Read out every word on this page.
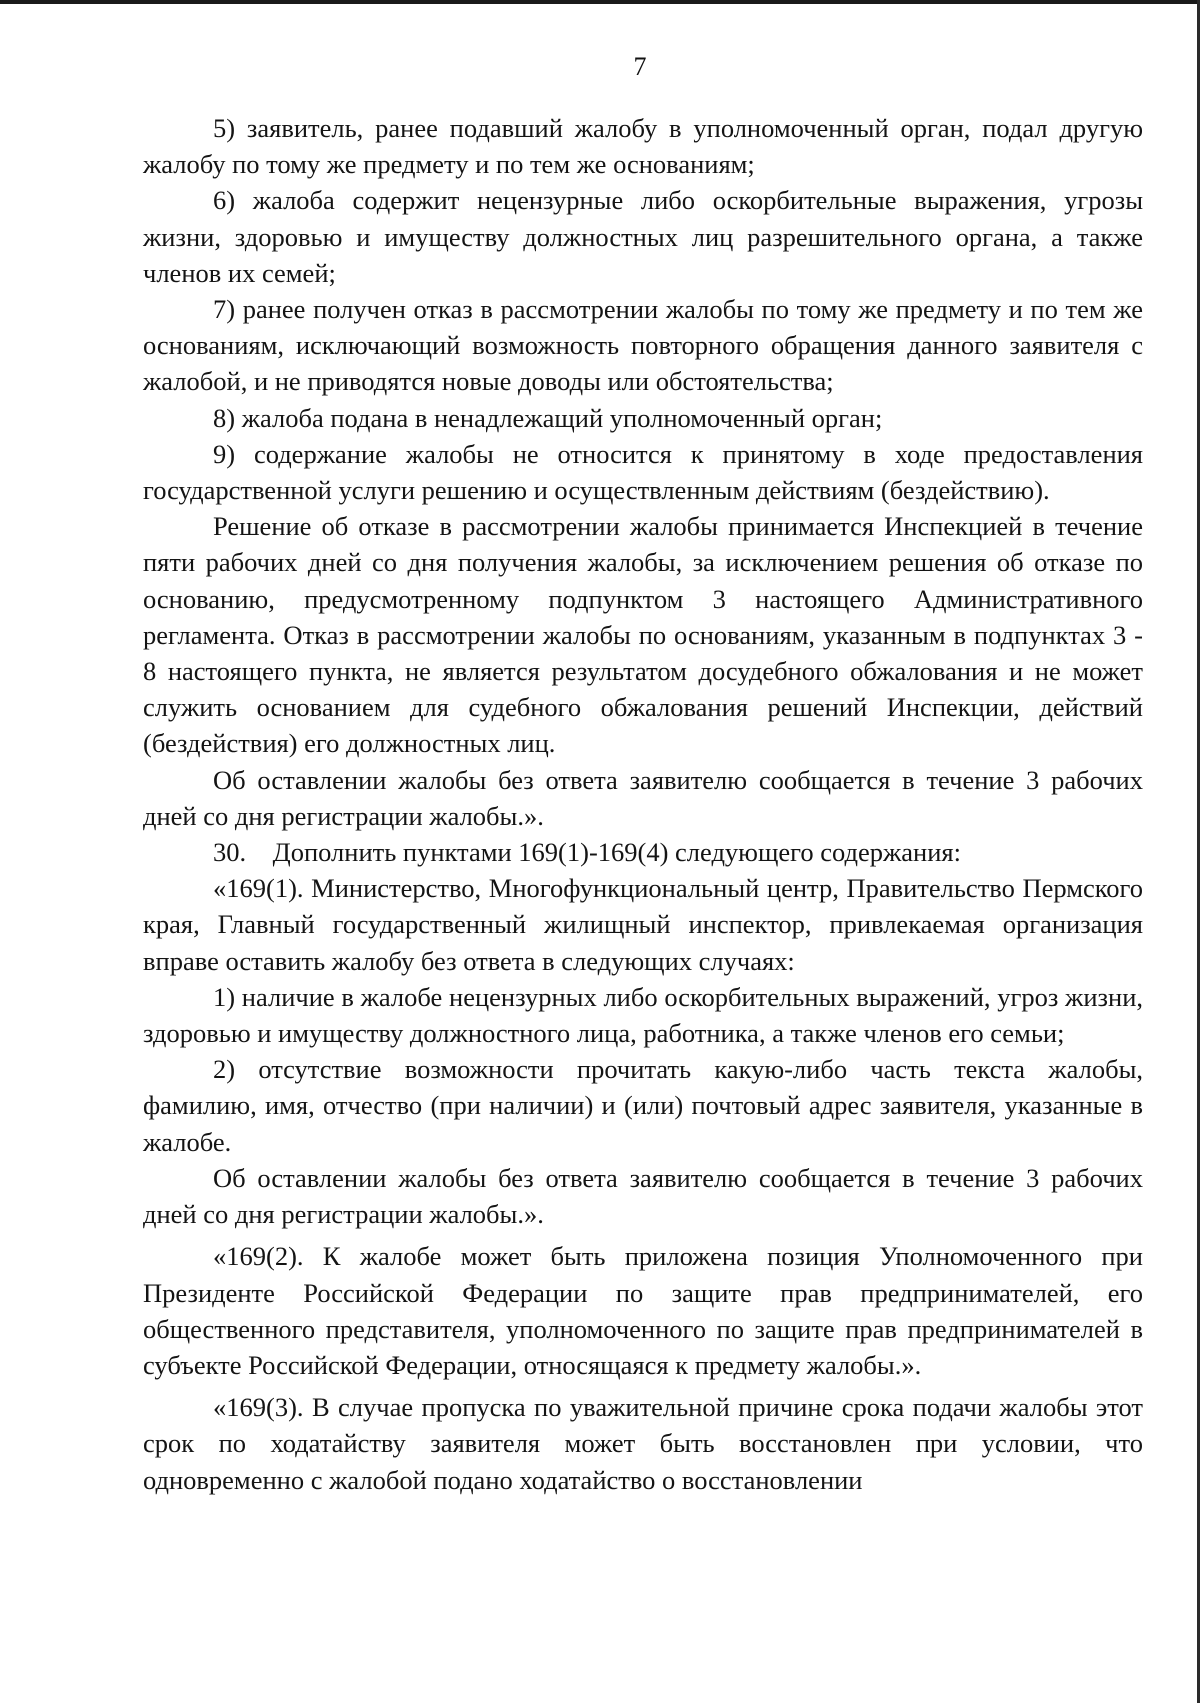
7

5) заявитель, ранее подавший жалобу в уполномоченный орган, подал другую жалобу по тому же предмету и по тем же основаниям;

6) жалоба содержит нецензурные либо оскорбительные выражения, угрозы жизни, здоровью и имуществу должностных лиц разрешительного органа, а также членов их семей;

7) ранее получен отказ в рассмотрении жалобы по тому же предмету и по тем же основаниям, исключающий возможность повторного обращения данного заявителя с жалобой, и не приводятся новые доводы или обстоятельства;

8) жалоба подана в ненадлежащий уполномоченный орган;

9) содержание жалобы не относится к принятому в ходе предоставления государственной услуги решению и осуществленным действиям (бездействию).

Решение об отказе в рассмотрении жалобы принимается Инспекцией в течение пяти рабочих дней со дня получения жалобы, за исключением решения об отказе по основанию, предусмотренному подпунктом 3 настоящего Административного регламента. Отказ в рассмотрении жалобы по основаниям, указанным в подпунктах 3 - 8 настоящего пункта, не является результатом досудебного обжалования и не может служить основанием для судебного обжалования решений Инспекции, действий (бездействия) его должностных лиц.

Об оставлении жалобы без ответа заявителю сообщается в течение 3 рабочих дней со дня регистрации жалобы.».

30.    Дополнить пунктами 169(1)-169(4) следующего содержания:

«169(1). Министерство, Многофункциональный центр, Правительство Пермского края, Главный государственный жилищный инспектор, привлекаемая организация вправе оставить жалобу без ответа в следующих случаях:

1) наличие в жалобе нецензурных либо оскорбительных выражений, угроз жизни, здоровью и имуществу должностного лица, работника, а также членов его семьи;

2) отсутствие возможности прочитать какую-либо часть текста жалобы, фамилию, имя, отчество (при наличии) и (или) почтовый адрес заявителя, указанные в жалобе.

Об оставлении жалобы без ответа заявителю сообщается в течение 3 рабочих дней со дня регистрации жалобы.».

«169(2). К жалобе может быть приложена позиция Уполномоченного при Президенте Российской Федерации по защите прав предпринимателей, его общественного представителя, уполномоченного по защите прав предпринимателей в субъекте Российской Федерации, относящаяся к предмету жалобы.».

«169(3). В случае пропуска по уважительной причине срока подачи жалобы этот срок по ходатайству заявителя может быть восстановлен при условии, что одновременно с жалобой подано ходатайство о восстановлении
